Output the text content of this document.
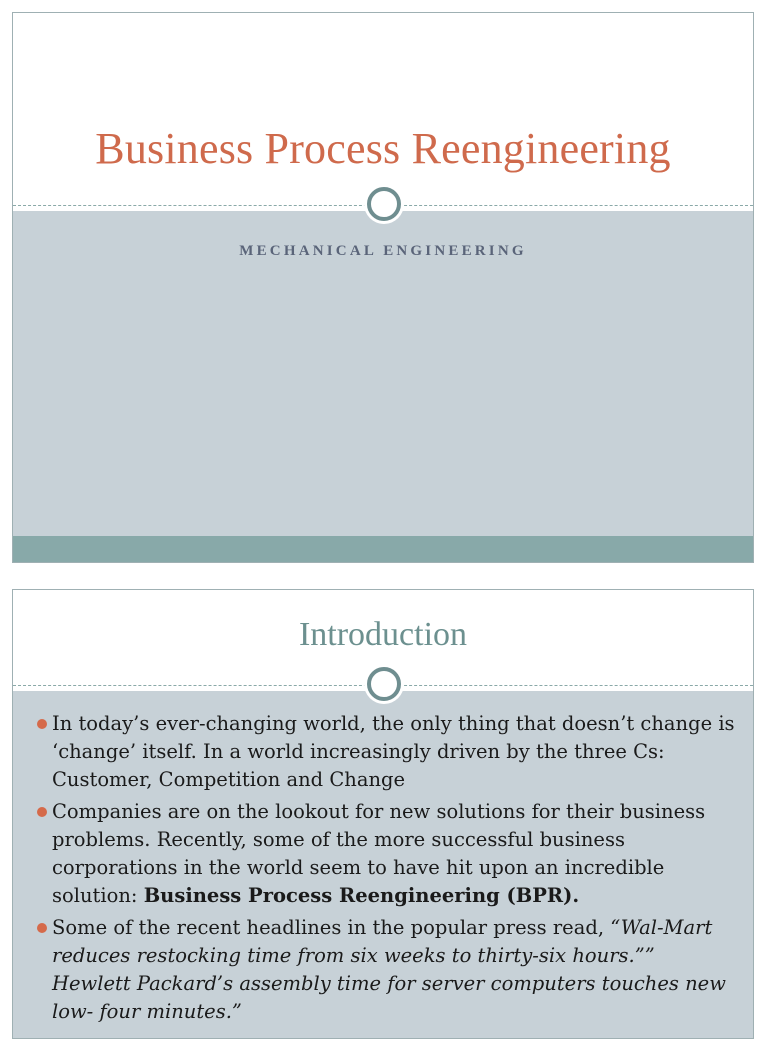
Business Process Reengineering
MECHANICAL ENGINEERING
Introduction
In today’s ever-changing world, the only thing that doesn’t change is ‘change’ itself. In a world increasingly driven by the three Cs: Customer, Competition and Change
Companies are on the lookout for new solutions for their business problems. Recently, some of the more successful business corporations in the world seem to have hit upon an incredible solution: Business Process Reengineering (BPR).
Some of the recent headlines in the popular press read, “Wal-Mart reduces restocking time from six weeks to thirty-six hours.”” Hewlett Packard’s assembly time for server computers touches new low- four minutes.”
